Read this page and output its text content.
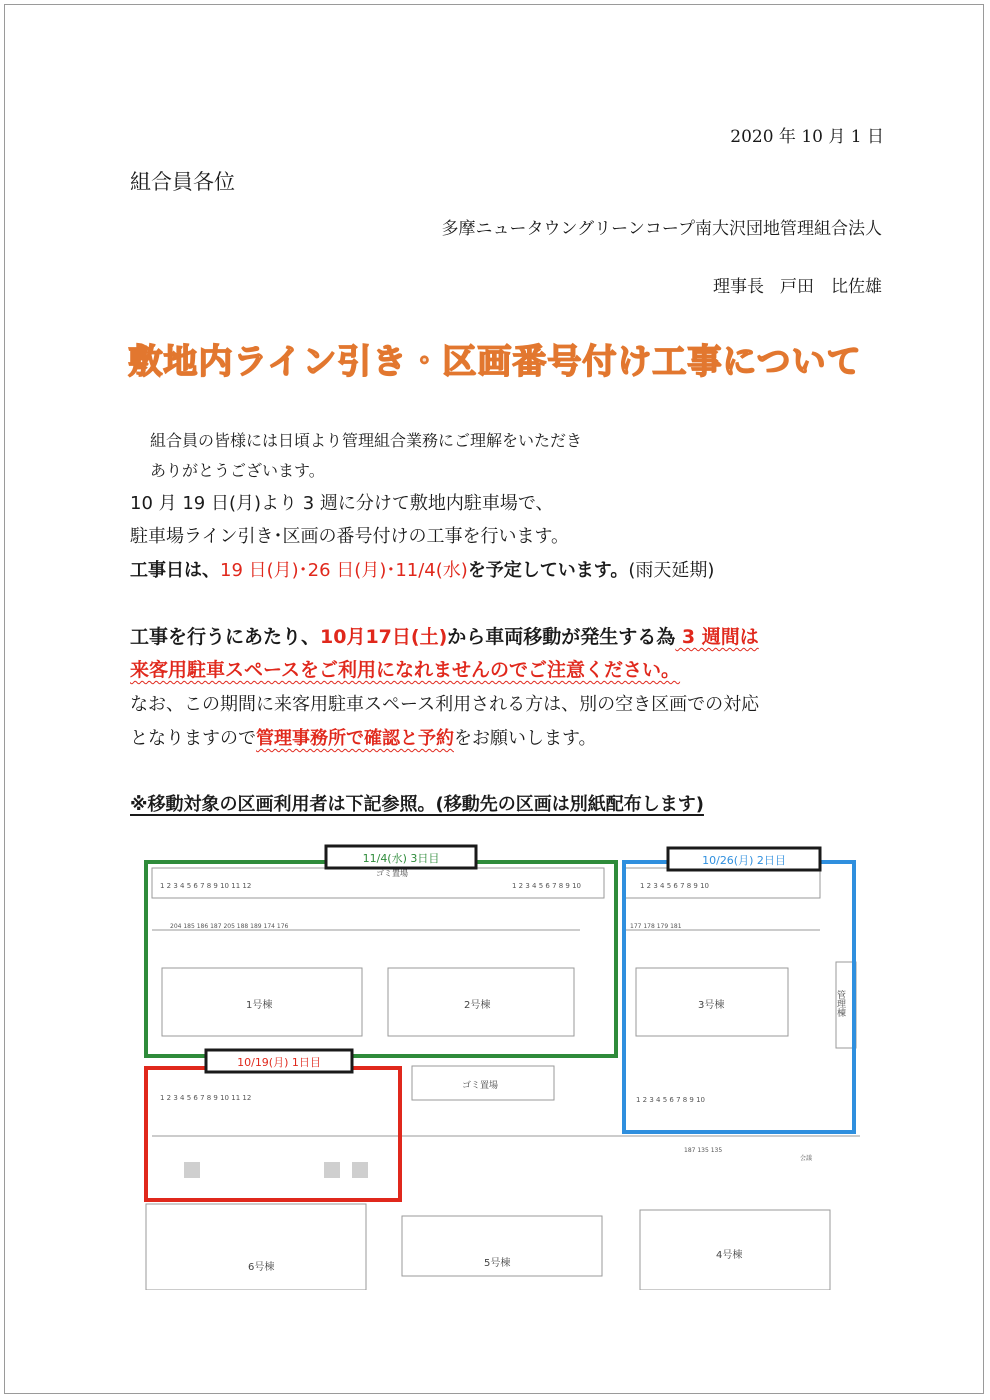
2020 年 10 月 1 日
組合員各位
多摩ニュータウングリーンコープ南大沢団地管理組合法人
理事長 戸田　比佐雄
敷地内ライン引き・区画番号付け工事について
組合員の皆様には日頃より管理組合業務にご理解をいただき
ありがとうございます。
10 月 19 日(月)より 3 週に分けて敷地内駐車場で、
駐車場ライン引き･区画の番号付けの工事を行います。
工事日は、19 日(月)･26 日(月)･11/4(水)を予定しています。(雨天延期)
工事を行うにあたり、10月17日(土)から車両移動が発生する為 3 週間は
来客用駐車スペースをご利用になれませんのでご注意ください。
なお、この期間に来客用駐車スペース利用される方は、別の空き区画での対応
となりますので管理事務所で確認と予約をお願いします。
※移動対象の区画利用者は下記参照。(移動先の区画は別紙配布します)
1 2 3 4 5 6 7 8 9 10 11 12	1 2 3 4 5 6 7 8 9 10	1 2 3 4 5 6 7 8 9 10
204 185 186 187 205 188 189 174 176	177 178 179 181
187 135 135
会議
1 2 3 4 5 6 7 8 9 10 11 12	1 2 3 4 5 6 7 8 9 10
1号棟	2号棟	3号棟	管理棟
ゴミ置場
ゴミ置場
6号棟	5号棟
4号棟
11/4(水) 3日目	10/26(月) 2日目
10/19(月) 1日目
